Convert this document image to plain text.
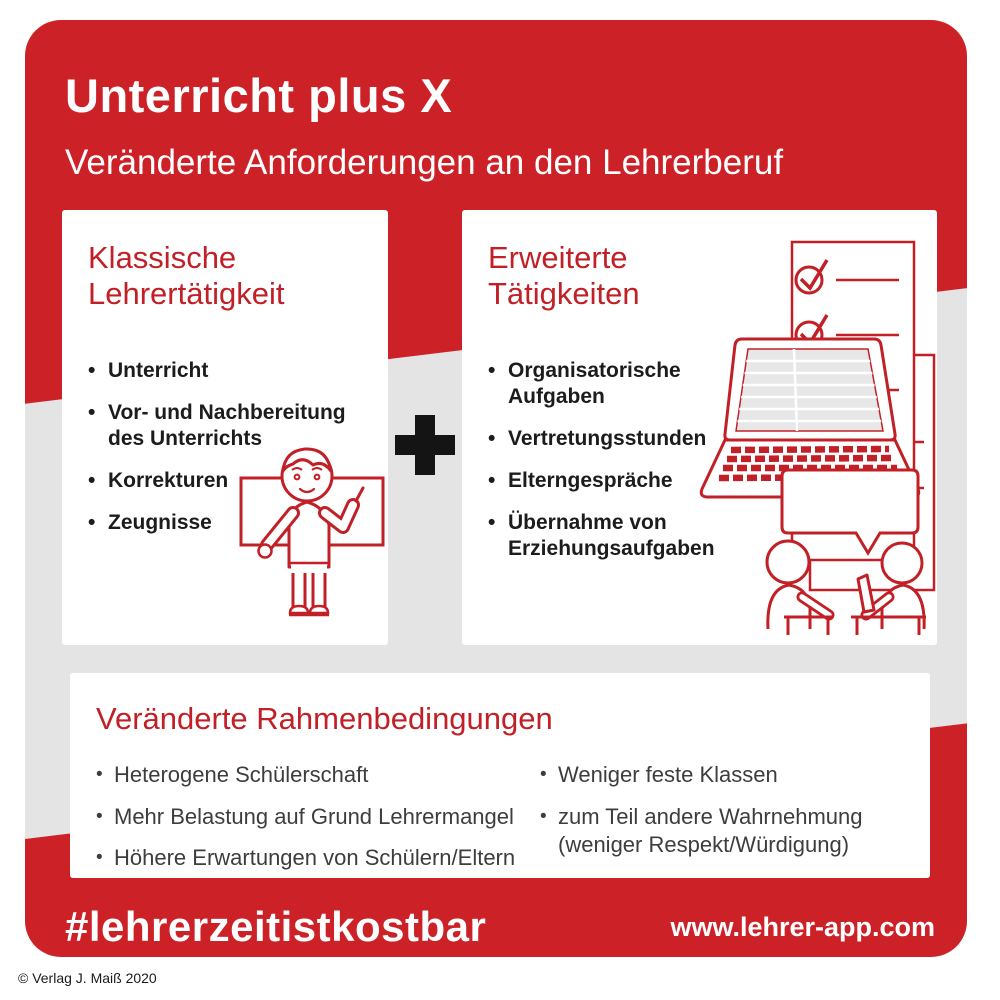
Unterricht plus X
Veränderte Anforderungen an den Lehrerberuf
Klassische Lehrertätigkeit
• Unterricht
• Vor- und Nachbereitung des Unterrichts
• Korrekturen
• Zeugnisse
Erweiterte Tätigkeiten
• Organisatorische Aufgaben
• Vertretungsstunden
• Elterngespräche
• Übernahme von Erziehungsaufgaben
Veränderte Rahmenbedingungen
• Heterogene Schülerschaft
• Mehr Belastung auf Grund Lehrermangel
• Höhere Erwartungen von Schülern/Eltern
• Weniger feste Klassen
• zum Teil andere Wahrnehmung (weniger Respekt/Würdigung)
#lehrerzeitistkostbar	www.lehrer-app.com
© Verlag J. Maiß 2020
